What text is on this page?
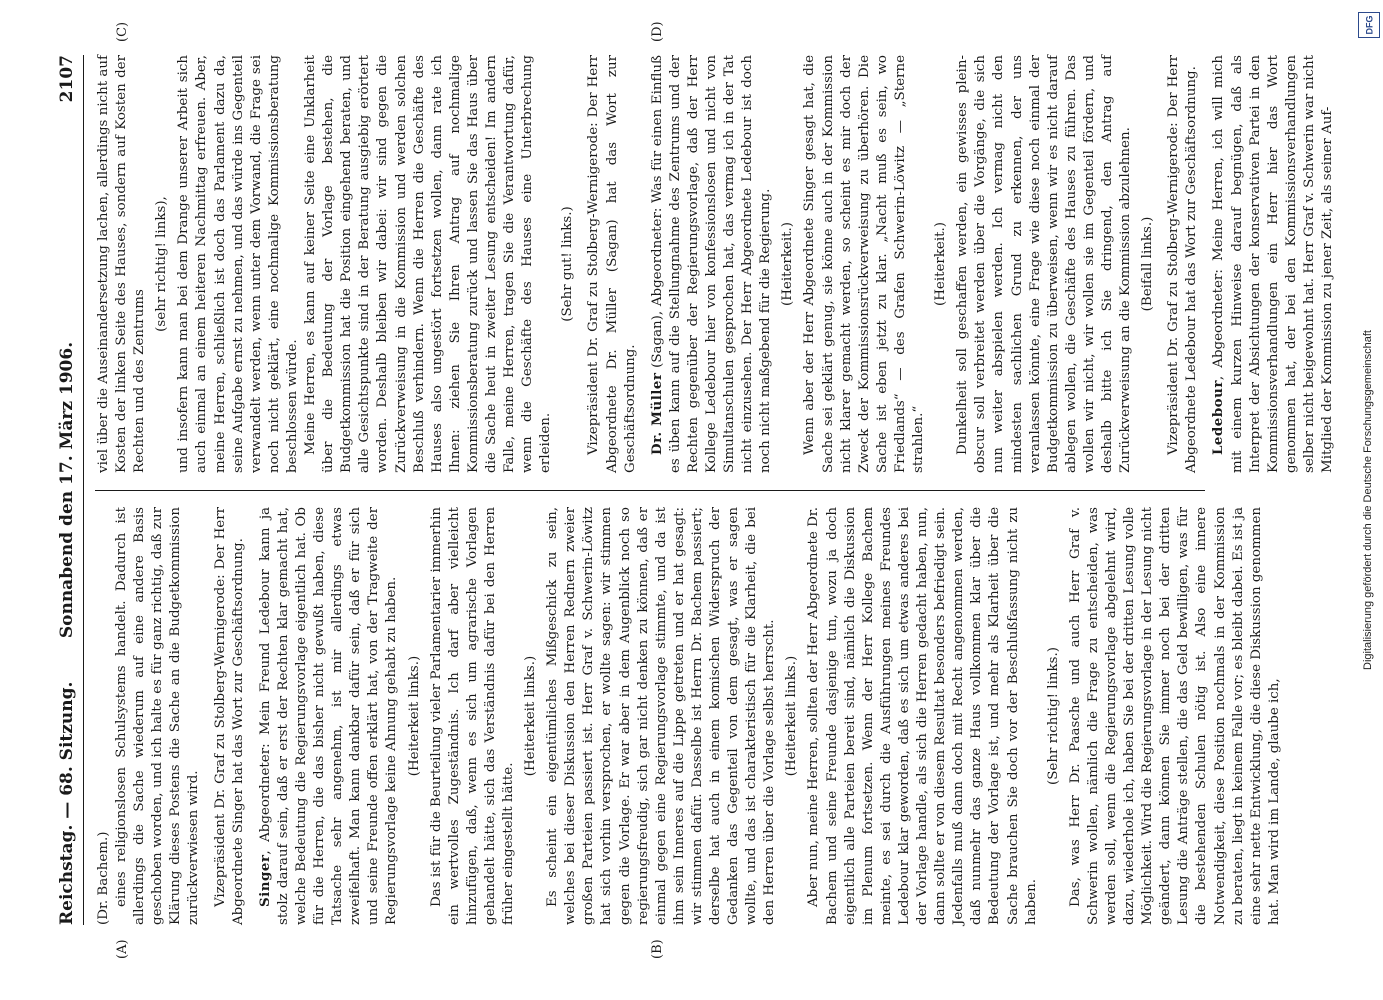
Reichstag. — 68. Sitzung.
Sonnabend den 17. März 1906.
2107
(A)	(B)
(C)	(D)

(Dr. Bachem.) eines religionslosen Schulsystems handelt. Dadurch ist allerdings die Sache wiederum auf eine andere Basis geschoben worden, und ich halte es für ganz richtig, daß zur Klärung dieses Postens die Sache an die Budgetkommission zurückverwiesen wird. Vizepräsident Dr. Graf zu Stolberg-Wernigerode: Der Herr Abgeordnete Singer hat das Wort zur Geschäftsordnung. Singer, Abgeordneter: Mein Freund Ledebour kann ja stolz darauf sein, daß er erst der Rechten klar gemacht hat, welche Bedeutung die Regierungsvorlage eigentlich hat. Ob für die Herren, die das bisher nicht gewußt haben, diese Tatsache sehr angenehm, ist mir allerdings etwas zweifelhaft. Man kann dankbar dafür sein, daß er für sich und seine Freunde offen erklärt hat, von der Tragweite der Regierungsvorlage keine Ahnung gehabt zu haben. (Heiterkeit links.) Das ist für die Beurteilung vieler Parlamentarier immerhin ein wertvolles Zugeständnis. Ich darf aber vielleicht hinzufügen, daß, wenn es sich um agrarische Vorlagen gehandelt hätte, sich das Verständnis dafür bei den Herren früher eingestellt hätte.

(Heiterkeit links.) Es scheint ein eigentümliches Mißgeschick zu sein, welches bei dieser Diskussion den Herren Rednern zweier großen Parteien passiert ist. Herr Graf v. Schwerin-Löwitz hat sich vorhin versprochen, er wollte sagen: wir stimmen gegen die Vorlage. Er war aber in dem Augenblick noch so regierungsfreudig, sich gar nicht denken zu können, daß er einmal gegen eine Regierungsvorlage stimmte, und da ist ihm sein Inneres auf die Lippe getreten und er hat gesagt: wir stimmen dafür. Dasselbe ist Herrn Dr. Bachem passiert; derselbe hat auch in einem komischen Widerspruch der Gedanken das Gegenteil von dem gesagt, was er sagen wollte, und das ist charakteristisch für die Klarheit, die bei den Herren über die Vorlage selbst herrscht. (Heiterkeit links.) Aber nun, meine Herren, sollten der Herr Abgeordnete Dr. Bachem und seine Freunde dasjenige tun, wozu ja doch eigentlich alle Parteien bereit sind, nämlich die Diskussion im Plenum fortsetzen. Wenn der Herr Kollege Bachem meinte, es sei durch die Ausführungen meines Freundes Ledebour klar geworden, daß es sich um etwas anderes bei der Vorlage handle, als sich die Herren gedacht haben, nun, dann sollte er von diesem Resultat besonders befriedigt sein. Jedenfalls muß dann doch mit Recht angenommen werden, daß nunmehr das ganze Haus vollkommen klar über die Bedeutung der Vorlage ist, und mehr als Klarheit über die Sache brauchen Sie doch vor der Beschlußfassung nicht zu haben.

(Sehr richtig! links.) Das, was Herr Dr. Paasche und auch Herr Graf v. Schwerin wollen, nämlich die Frage zu entscheiden, was werden soll, wenn die Regierungsvorlage abgelehnt wird, dazu, wiederhole ich, haben Sie bei der dritten Lesung volle Möglichkeit. Wird die Regierungsvorlage in der Lesung nicht geändert, dann können Sie immer noch bei der dritten Lesung die Anträge stellen, die das Geld bewilligen, was für die bestehenden Schulen nötig ist. Also eine innere Notwendigkeit, diese Position nochmals in der Kommission zu beraten, liegt in keinem Falle vor; es bleibt dabei. Es ist ja eine sehr nette Entwicklung, die diese Diskussion genommen hat. Man wird im Lande, glaube ich,

viel über die Auseinandersetzung lachen, allerdings nicht auf Kosten der linken Seite des Hauses, sondern auf Kosten der Rechten und des Zentrums

(sehr richtig! links), und insofern kann man bei dem Drange unserer Arbeit sich auch einmal an einem heiteren Nachmittag erfreuen. Aber, meine Herren, schließlich ist doch das Parlament dazu da, seine Aufgabe ernst zu nehmen, und das würde ins Gegenteil verwandelt werden, wenn unter dem Vorwand, die Frage sei noch nicht geklärt, eine nochmalige Kommissionsberatung beschlossen würde. Meine Herren, es kann auf keiner Seite eine Unklarheit über die Bedeutung der Vorlage bestehen, die Budgetkommission hat die Position eingehend beraten, und alle Gesichtspunkte sind in der Beratung ausgiebig erörtert worden. Deshalb bleiben wir dabei: wir sind gegen die Zurückverweisung in die Kommission und werden solchen Beschluß verhindern. Wenn die Herren die Geschäfte des Hauses also ungestört fortsetzen wollen, dann rate ich Ihnen: ziehen Sie Ihren Antrag auf nochmalige Kommissionsberatung zurück und lassen Sie das Haus über die Sache heut in zweiter Lesung entscheiden! Im andern Falle, meine Herren, tragen Sie die Verantwortung dafür, wenn die Geschäfte des Hauses eine Unterbrechung erleiden.

(Sehr gut! links.) Vizepräsident Dr. Graf zu Stolberg-Wernigerode: Der Herr Abgeordnete Dr. Müller (Sagan) hat das Wort zur Geschäftsordnung. Dr. Müller (Sagan), Abgeordneter: Was für einen Einfluß es üben kann auf die Stellungnahme des Zentrums und der Rechten gegenüber der Regierungsvorlage, daß der Herr Kollege Ledebour hier von konfessionslosen und nicht von Simultanschulen gesprochen hat, das vermag ich in der Tat nicht einzusehen. Der Herr Abgeordnete Ledebour ist doch noch nicht maßgebend für die Regierung. (Heiterkeit.) Wenn aber der Herr Abgeordnete Singer gesagt hat, die Sache sei geklärt genug, sie könne auch in der Kommission nicht klarer gemacht werden, so scheint es mir doch der Zweck der Kommissionsrückverweisung zu überhören. Die Sache ist eben jetzt zu klar. „Nacht muß es sein, wo Friedlands“ — des Grafen Schwerin-Löwitz — „Sterne strahlen.“

(Heiterkeit.) Dunkelheit soll geschaffen werden, ein gewisses plein-obscur soll verbreitet werden über die Vorgänge, die sich nun weiter abspielen werden. Ich vermag nicht den mindesten sachlichen Grund zu erkennen, der uns veranlassen könnte, eine Frage wie diese noch einmal der Budgetkommission zu überweisen, wenn wir es nicht darauf ablegen wollen, die Geschäfte des Hauses zu führen. Das wollen wir nicht, wir wollen sie im Gegenteil fördern, und deshalb bitte ich Sie dringend, den Antrag auf Zurückverweisung an die Kommission abzulehnen. (Beifall links.) Vizepräsident Dr. Graf zu Stolberg-Wernigerode: Der Herr Abgeordnete Ledebour hat das Wort zur Geschäftsordnung. Ledebour, Abgeordneter: Meine Herren, ich will mich mit einem kurzen Hinweise darauf begnügen, daß als Interpret der Absichtungen der konservativen Partei in den Kommissionsverhandlungen ein Herr hier das Wort genommen hat, der bei den Kommissionsverhandlungen selber nicht beigewohnt hat. Herr Graf v. Schwerin war nicht Mitglied der Kommission zu jener Zeit, als seiner Auf-

DFG
Digitalisierung gefördert durch die Deutsche Forschungsgemeinschaft
